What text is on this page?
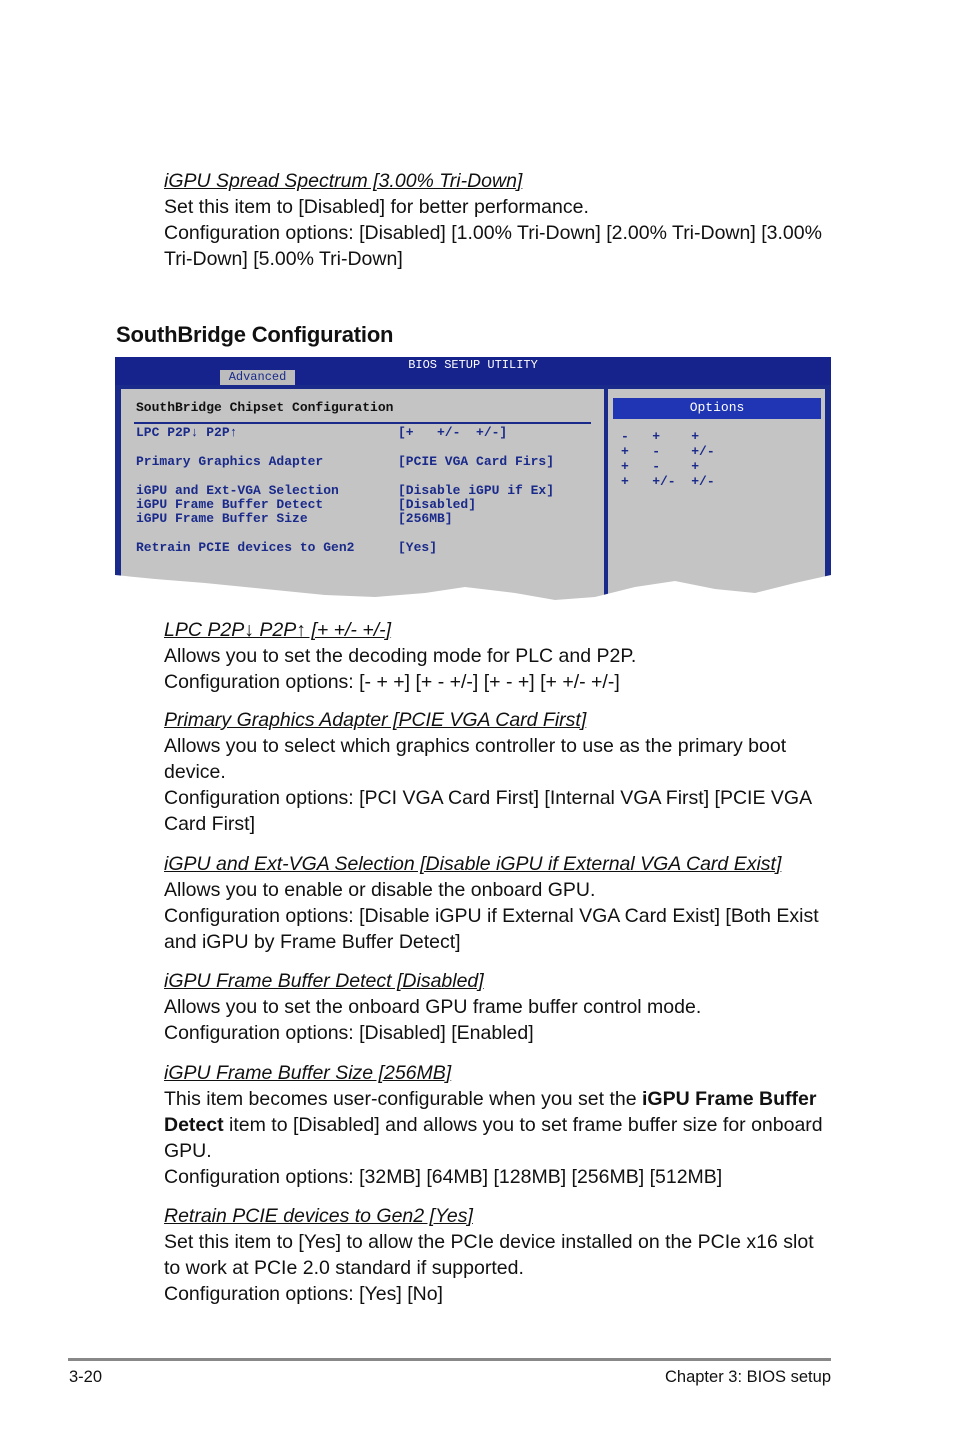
iGPU Spread Spectrum [3.00% Tri-Down]
Set this item to [Disabled] for better performance.
Configuration options: [Disabled] [1.00% Tri-Down] [2.00% Tri-Down] [3.00%
Tri-Down] [5.00% Tri-Down]
SouthBridge Configuration
BIOS SETUP UTILITY
Advanced
SouthBridge Chipset Configuration
LPC P2P↓ P2P↑	[+   +/-  +/-]
Primary Graphics Adapter	[PCIE VGA Card Firs]
iGPU and Ext-VGA Selection	[Disable iGPU if Ex]
iGPU Frame Buffer Detect	[Disabled]
iGPU Frame Buffer Size	[256MB]
Retrain PCIE devices to Gen2	[Yes]
Options
-   +    +
+   -    +/-
+   -    +
+   +/-  +/-
LPC P2P↓ P2P↑ [+ +/- +/-]
Allows you to set the decoding mode for PLC and P2P.
Configuration options: [- + +] [+ - +/-] [+ - +] [+ +/- +/-]
Primary Graphics Adapter [PCIE VGA Card First]
Allows you to select which graphics controller to use as the primary boot
device.
Configuration options: [PCI VGA Card First] [Internal VGA First] [PCIE VGA
Card First]
iGPU and Ext-VGA Selection [Disable iGPU if External VGA Card Exist]
Allows you to enable or disable the onboard GPU.
Configuration options: [Disable iGPU if External VGA Card Exist] [Both Exist
and iGPU by Frame Buffer Detect]
iGPU Frame Buffer Detect [Disabled]
Allows you to set the onboard GPU frame buffer control mode.
Configuration options: [Disabled] [Enabled]
iGPU Frame Buffer Size [256MB]
This item becomes user-configurable when you set the iGPU Frame Buffer
Detect item to [Disabled] and allows you to set frame buffer size for onboard
GPU.
Configuration options: [32MB] [64MB] [128MB] [256MB] [512MB]
Retrain PCIE devices to Gen2 [Yes]
Set this item to [Yes] to allow the PCIe device installed on the PCIe x16 slot
to work at PCIe 2.0 standard if supported.
Configuration options: [Yes] [No]
3-20	Chapter 3: BIOS setup
